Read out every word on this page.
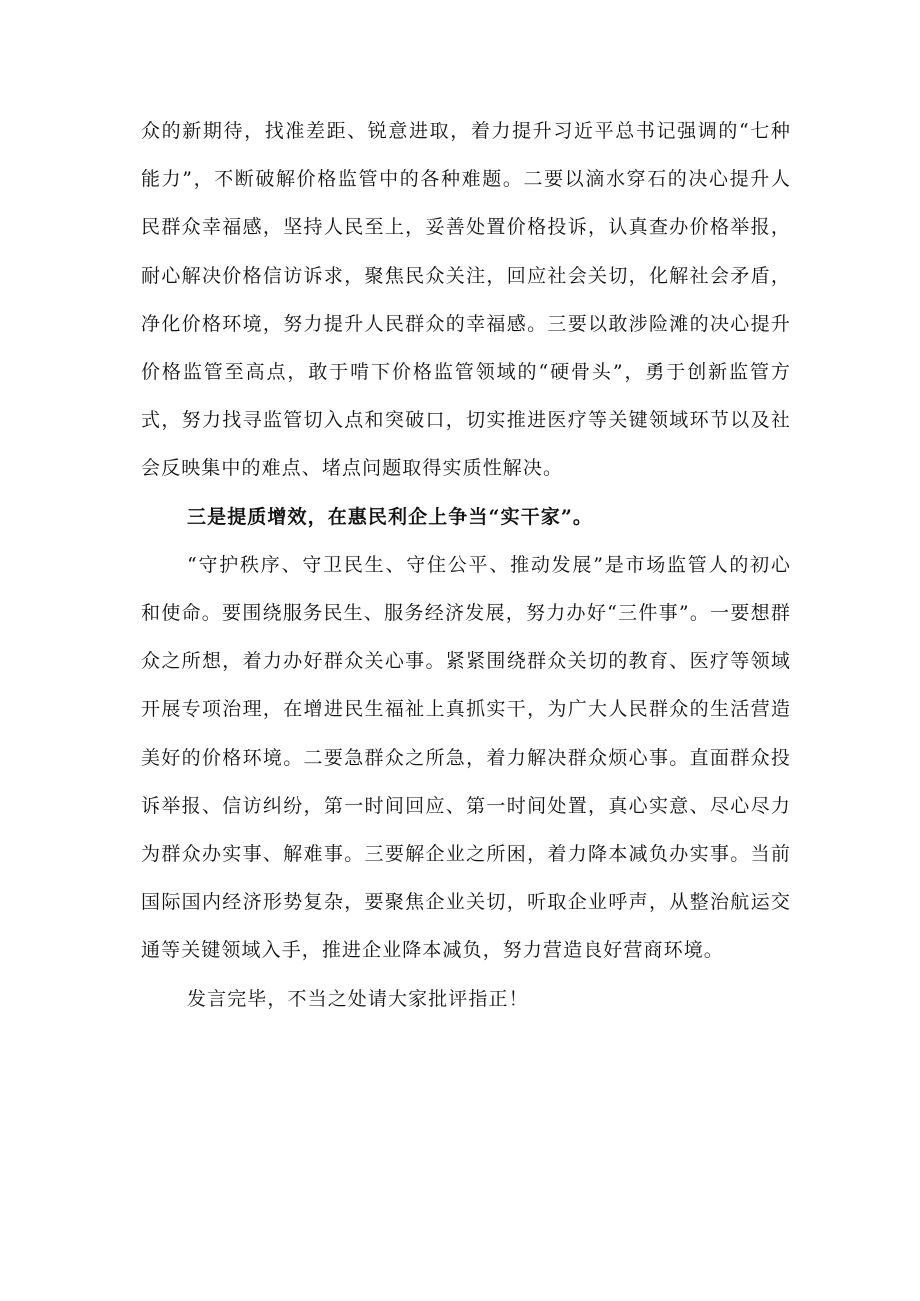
众的新期待，找准差距、锐意进取，着力提升习近平总书记强调的“七种能力”，不断破解价格监管中的各种难题。二要以滴水穿石的决心提升人民群众幸福感，坚持人民至上，妥善处置价格投诉，认真查办价格举报，耐心解决价格信访诉求，聚焦民众关注，回应社会关切，化解社会矛盾，净化价格环境，努力提升人民群众的幸福感。三要以敢涉险滩的决心提升价格监管至高点，敢于啃下价格监管领域的“硬骨头”，勇于创新监管方式，努力找寻监管切入点和突破口，切实推进医疗等关键领域环节以及社会反映集中的难点、堵点问题取得实质性解决。

三是提质增效，在惠民利企上争当“实干家”。

“守护秩序、守卫民生、守住公平、推动发展”是市场监管人的初心和使命。要围绕服务民生、服务经济发展，努力办好“三件事”。一要想群众之所想，着力办好群众关心事。紧紧围绕群众关切的教育、医疗等领域开展专项治理，在增进民生福祉上真抓实干，为广大人民群众的生活营造美好的价格环境。二要急群众之所急，着力解决群众烦心事。直面群众投诉举报、信访纠纷，第一时间回应、第一时间处置，真心实意、尽心尽力为群众办实事、解难事。三要解企业之所困，着力降本减负办实事。当前国际国内经济形势复杂，要聚焦企业关切，听取企业呼声，从整治航运交通等关键领域入手，推进企业降本减负，努力营造良好营商环境。

发言完毕，不当之处请大家批评指正！
